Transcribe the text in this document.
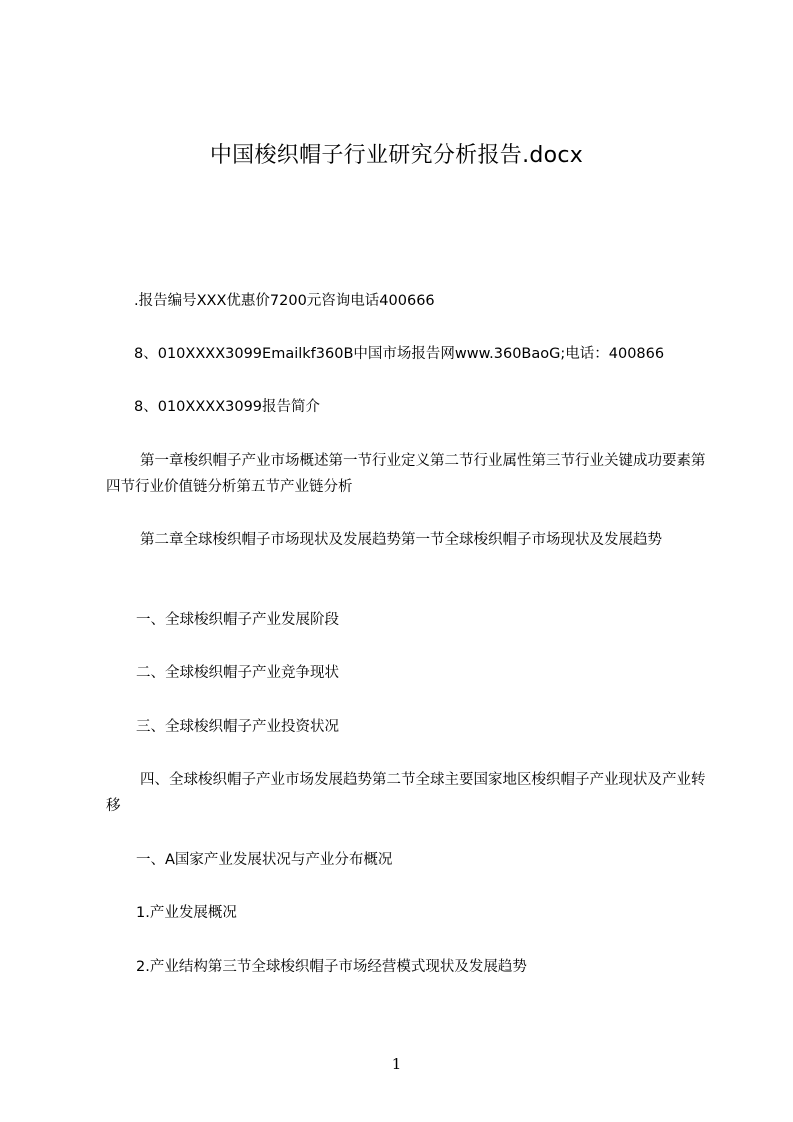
中国梭织帽子行业研究分析报告.docx

.报告编号XXX优惠价7200元咨询电话400666

8、010XXXX3099Emailkf360B中国市场报告网www.360BaoG;电话：400866

8、010XXXX3099报告简介

第一章梭织帽子产业市场概述第一节行业定义第二节行业属性第三节行业关键成功要素第四节行业价值链分析第五节产业链分析

第二章全球梭织帽子市场现状及发展趋势第一节全球梭织帽子市场现状及发展趋势

一、全球梭织帽子产业发展阶段

二、全球梭织帽子产业竞争现状

三、全球梭织帽子产业投资状况

四、全球梭织帽子产业市场发展趋势第二节全球主要国家地区梭织帽子产业现状及产业转移

一、A国家产业发展状况与产业分布概况

1.产业发展概况

2.产业结构第三节全球梭织帽子市场经营模式现状及发展趋势

1
